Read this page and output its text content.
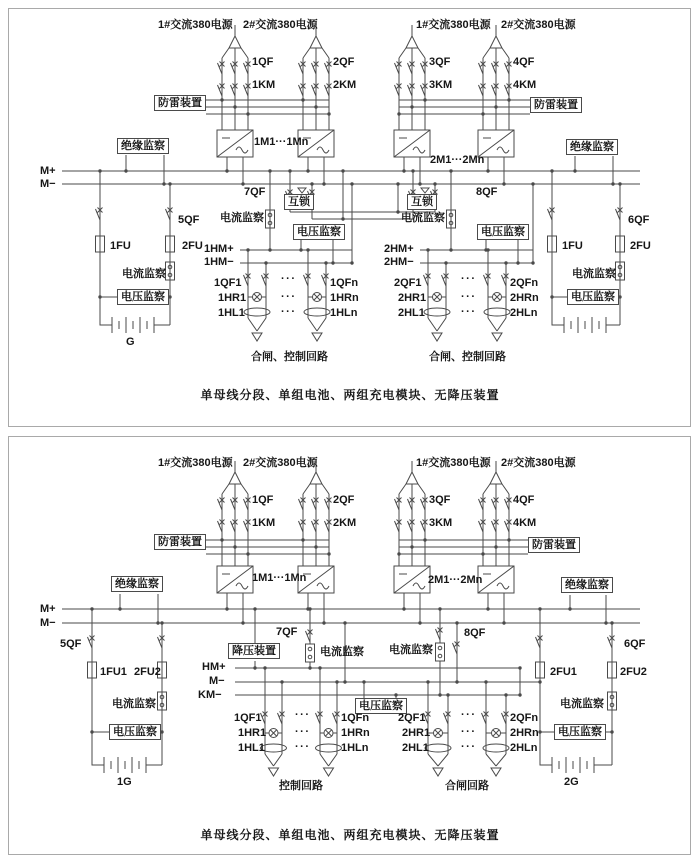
1#交流380电源 2#交流380电源	1#交流380电源 2#交流380电源
1QF
1KM
2QF
2KM
3QF
3KM
4QF
4KM
防雷装置	防雷装置
1M1···1Mn
2M1···2Mn
绝缘监察	绝缘监察
M+
M−
7QF	8QF
互锁	互锁
电流监察	电流监察
电压监察	电压监察
5QF	6QF
1FU	2FU	1FU	2FU
电流监察	电流监察
电压监察	电压监察
1HM+
1HM−
2HM+
2HM−
G
1QF1	1QFn
1HR1	1HRn
1HL1	1HLn
···
···
···
合闸、控制回路
2QF1	2QFn
2HR1	2HRn
2HL1	2HLn
···
···
···
合闸、控制回路
单母线分段、单组电池、两组充电模块、无降压装置
1#交流380电源 2#交流380电源	1#交流380电源 2#交流380电源
1QF
1KM
2QF
2KM
3QF
3KM
4QF
4KM
防雷装置	防雷装置
1M1···1Mn	2M1···2Mn
绝缘监察	绝缘监察
M+
M−
5QF	6QF
7QF	8QF
降压装置	电流监察 电流监察
HM+
M−
KM−
1FU1 2FU2	2FU1	2FU2
电流监察	电流监察
电压监察
电压监察
电压监察
1G	2G
1QF1	1QFn
1HR1	1HRn
1HL1	1HLn
···
···
···
控制回路
2QF1	2QFn
2HR1	2HRn
2HL1	2HLn
···
···
···
合闸回路
单母线分段、单组电池、两组充电模块、无降压装置
